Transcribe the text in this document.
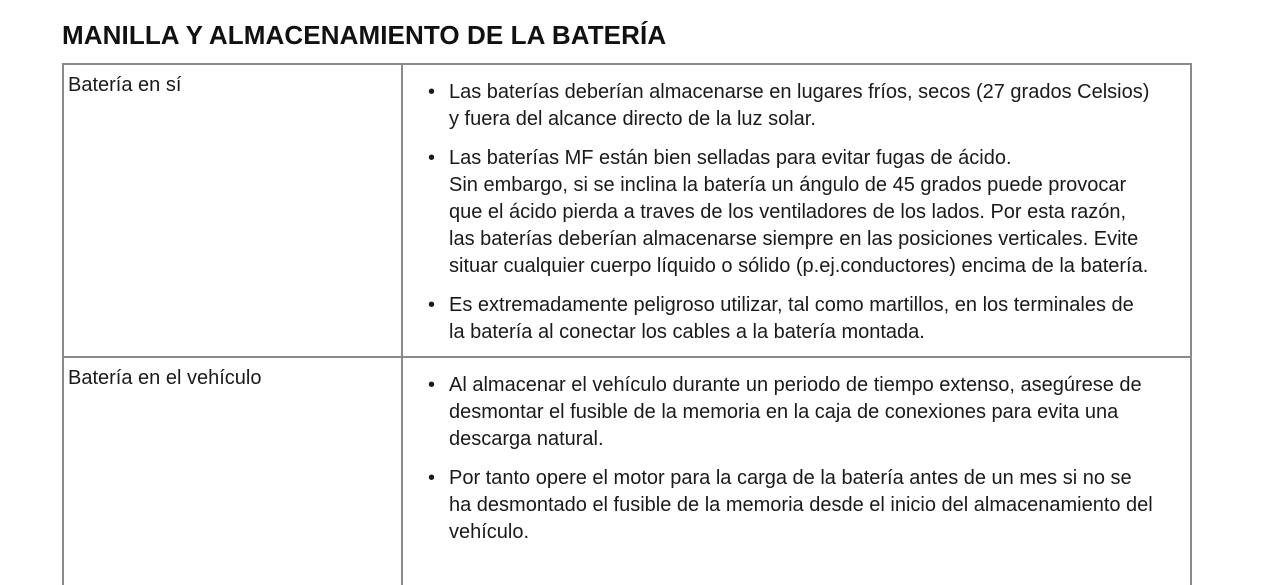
MANILLA Y ALMACENAMIENTO DE LA BATERÍA
Batería en sí	• Las baterías deberían almacenarse en lugares fríos, secos (27 grados Celsios)
y fuera del alcance directo de la luz solar.
• Las baterías MF están bien selladas para evitar fugas de ácido.
Sin embargo, si se inclina la batería un ángulo de 45 grados puede provocar
que el ácido pierda a traves de los ventiladores de los lados. Por esta razón,
las baterías deberían almacenarse siempre en las posiciones verticales. Evite
situar cualquier cuerpo líquido o sólido (p.ej.conductores) encima de la batería.
• Es extremadamente peligroso utilizar, tal como martillos, en los terminales de
la batería al conectar los cables a la batería montada.
Batería en el vehículo	• Al almacenar el vehículo durante un periodo de tiempo extenso, asegúrese de
desmontar el fusible de la memoria en la caja de conexiones para evita una
descarga natural.
• Por tanto opere el motor para la carga de la batería antes de un mes si no se
ha desmontado el fusible de la memoria desde el inicio del almacenamiento del
vehículo.
